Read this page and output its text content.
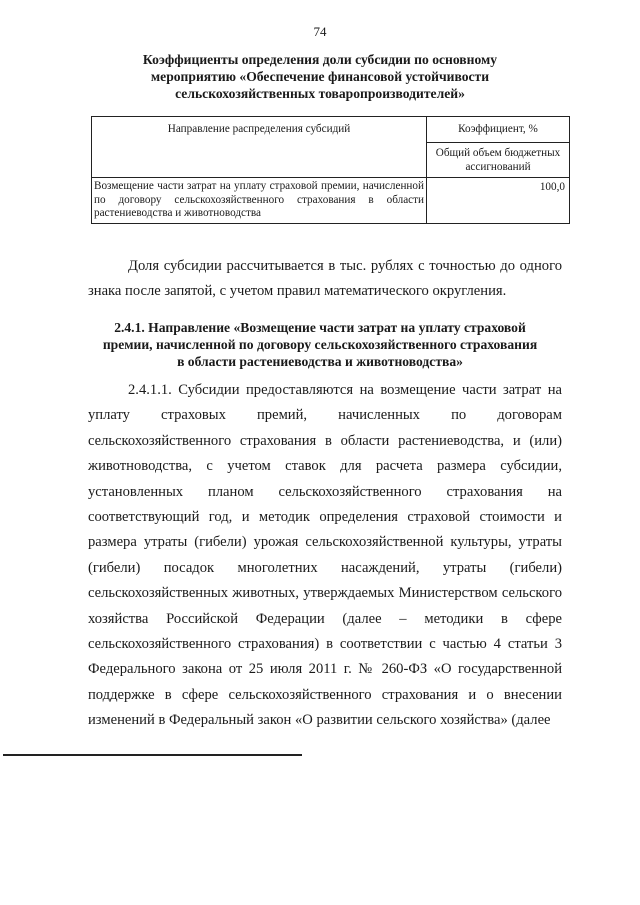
74
Коэффициенты определения доли субсидии по основному мероприятию «Обеспечение финансовой устойчивости сельскохозяйственных товаропроизводителей»
Направление распределения субсидий	Коэффициент, %
	Общий объем бюджетных ассигнований
Возмещение части затрат на уплату страховой премии, начисленной по договору сельскохозяйственного страхования в области растениеводства и животноводства	100,0

Доля субсидии рассчитывается в тыс. рублях с точностью до одного знака после запятой, с учетом правил математического округления.

2.4.1. Направление «Возмещение части затрат на уплату страховой премии, начисленной по договору сельскохозяйственного страхования в области растениеводства и животноводства»

2.4.1.1. Субсидии предоставляются на возмещение части затрат на уплату страховых премий, начисленных по договорам сельскохозяйственного страхования в области растениеводства, и (или) животноводства, с учетом ставок для расчета размера субсидии, установленных планом сельскохозяйственного страхования на соответствующий год, и методик определения страховой стоимости и размера утраты (гибели) урожая сельскохозяйственной культуры, утраты (гибели) посадок многолетних насаждений, утраты (гибели) сельскохозяйственных животных, утверждаемых Министерством сельского хозяйства Российской Федерации (далее – методики в сфере сельскохозяйственного страхования) в соответствии с частью 4 статьи 3 Федерального закона от 25 июля 2011 г. № 260-ФЗ «О государственной поддержке в сфере сельскохозяйственного страхования и о внесении изменений в Федеральный закон «О развитии сельского хозяйства» (далее
